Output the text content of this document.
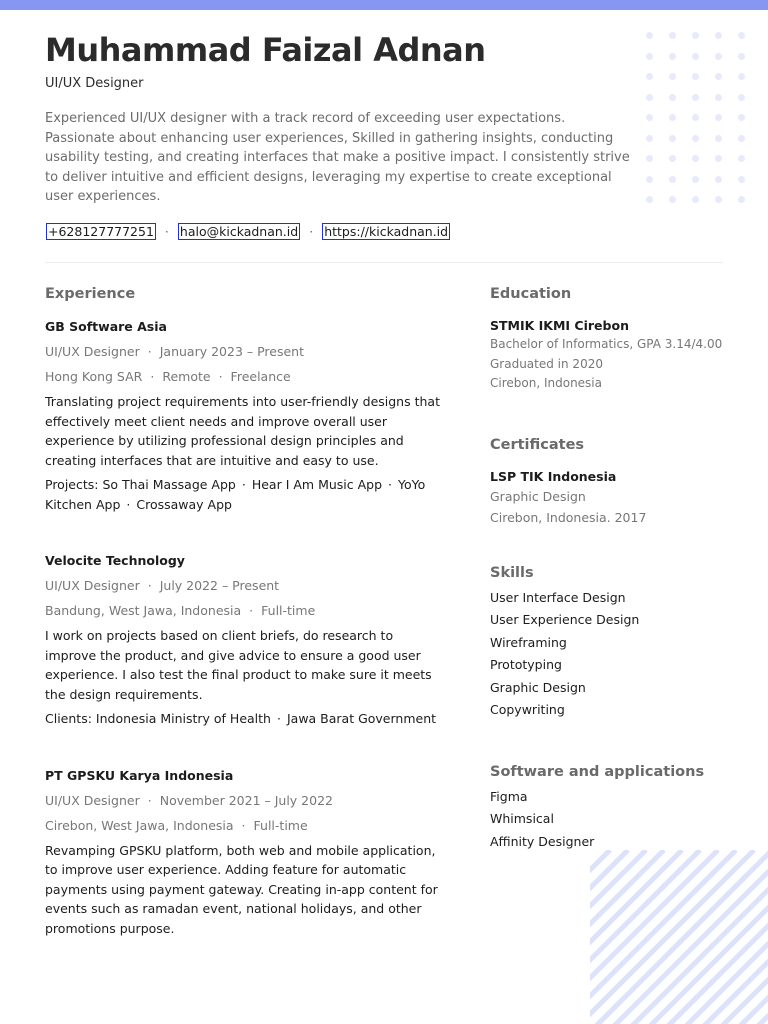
Muhammad Faizal Adnan
UI/UX Designer

Experienced UI/UX designer with a track record of exceeding user expectations. Passionate about enhancing user experiences, Skilled in gathering insights, conducting usability testing, and creating interfaces that make a positive impact. I consistently strive to deliver intuitive and efficient designs, leveraging my expertise to create exceptional user experiences.

+628127777251 · halo@kickadnan.id · https://kickadnan.id
Experience
GB Software Asia
UI/UX Designer · January 2023 – Present
Hong Kong SAR · Remote · Freelance

Translating project requirements into user-friendly designs that effectively meet client needs and improve overall user experience by utilizing professional design principles and creating interfaces that are intuitive and easy to use.

Projects: So Thai Massage App · Hear I Am Music App · YoYo Kitchen App · Crossaway App

Velocite Technology
UI/UX Designer · July 2022 – Present
Bandung, West Jawa, Indonesia · Full-time

I work on projects based on client briefs, do research to improve the product, and give advice to ensure a good user experience. I also test the final product to make sure it meets the design requirements.

Clients: Indonesia Ministry of Health · Jawa Barat Government

PT GPSKU Karya Indonesia
UI/UX Designer · November 2021 – July 2022
Cirebon, West Jawa, Indonesia · Full-time

Revamping GPSKU platform, both web and mobile application, to improve user experience. Adding feature for automatic payments using payment gateway. Creating in-app content for events such as ramadan event, national holidays, and other promotions purpose.

Education
STMIK IKMI Cirebon
Bachelor of Informatics, GPA 3.14/4.00
Graduated in 2020
Cirebon, Indonesia
Certificates
LSP TIK Indonesia
Graphic Design
Cirebon, Indonesia. 2017
Skills
User Interface Design
User Experience Design
Wireframing
Prototyping
Graphic Design
Copywriting
Software and applications
Figma
Whimsical
Affinity Designer
